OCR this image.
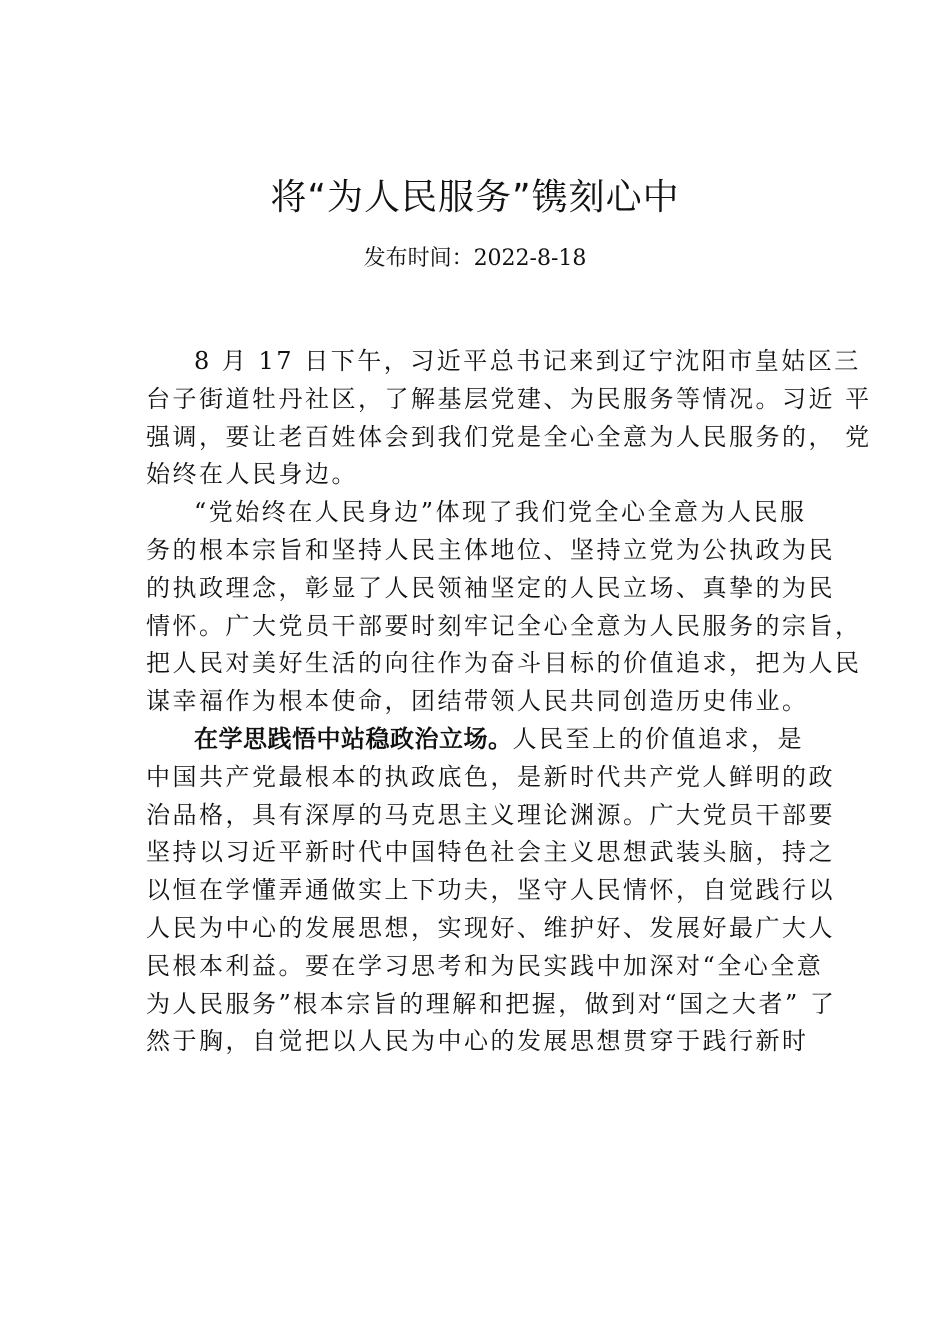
将“为人民服务”镌刻心中
发布时间：2022-8-18
8 月 17 日下午，习近平总书记来到辽宁沈阳市皇姑区三
台子街道牡丹社区，了解基层党建、为民服务等情况。习近 平
强调，要让老百姓体会到我们党是全心全意为人民服务的， 党
始终在人民身边。
“党始终在人民身边”体现了我们党全心全意为人民服
务的根本宗旨和坚持人民主体地位、坚持立党为公执政为民
的执政理念，彰显了人民领袖坚定的人民立场、真挚的为民
情怀。广大党员干部要时刻牢记全心全意为人民服务的宗旨，
把人民对美好生活的向往作为奋斗目标的价值追求，把为人民
谋幸福作为根本使命，团结带领人民共同创造历史伟业。
在学思践悟中站稳政治立场。人民至上的价值追求，是
中国共产党最根本的执政底色，是新时代共产党人鲜明的政
治品格，具有深厚的马克思主义理论渊源。广大党员干部要
坚持以习近平新时代中国特色社会主义思想武装头脑，持之
以恒在学懂弄通做实上下功夫，坚守人民情怀，自觉践行以
人民为中心的发展思想，实现好、维护好、发展好最广大人
民根本利益。要在学习思考和为民实践中加深对“全心全意
为人民服务”根本宗旨的理解和把握，做到对“国之大者” 了
然于胸，自觉把以人民为中心的发展思想贯穿于践行新时
